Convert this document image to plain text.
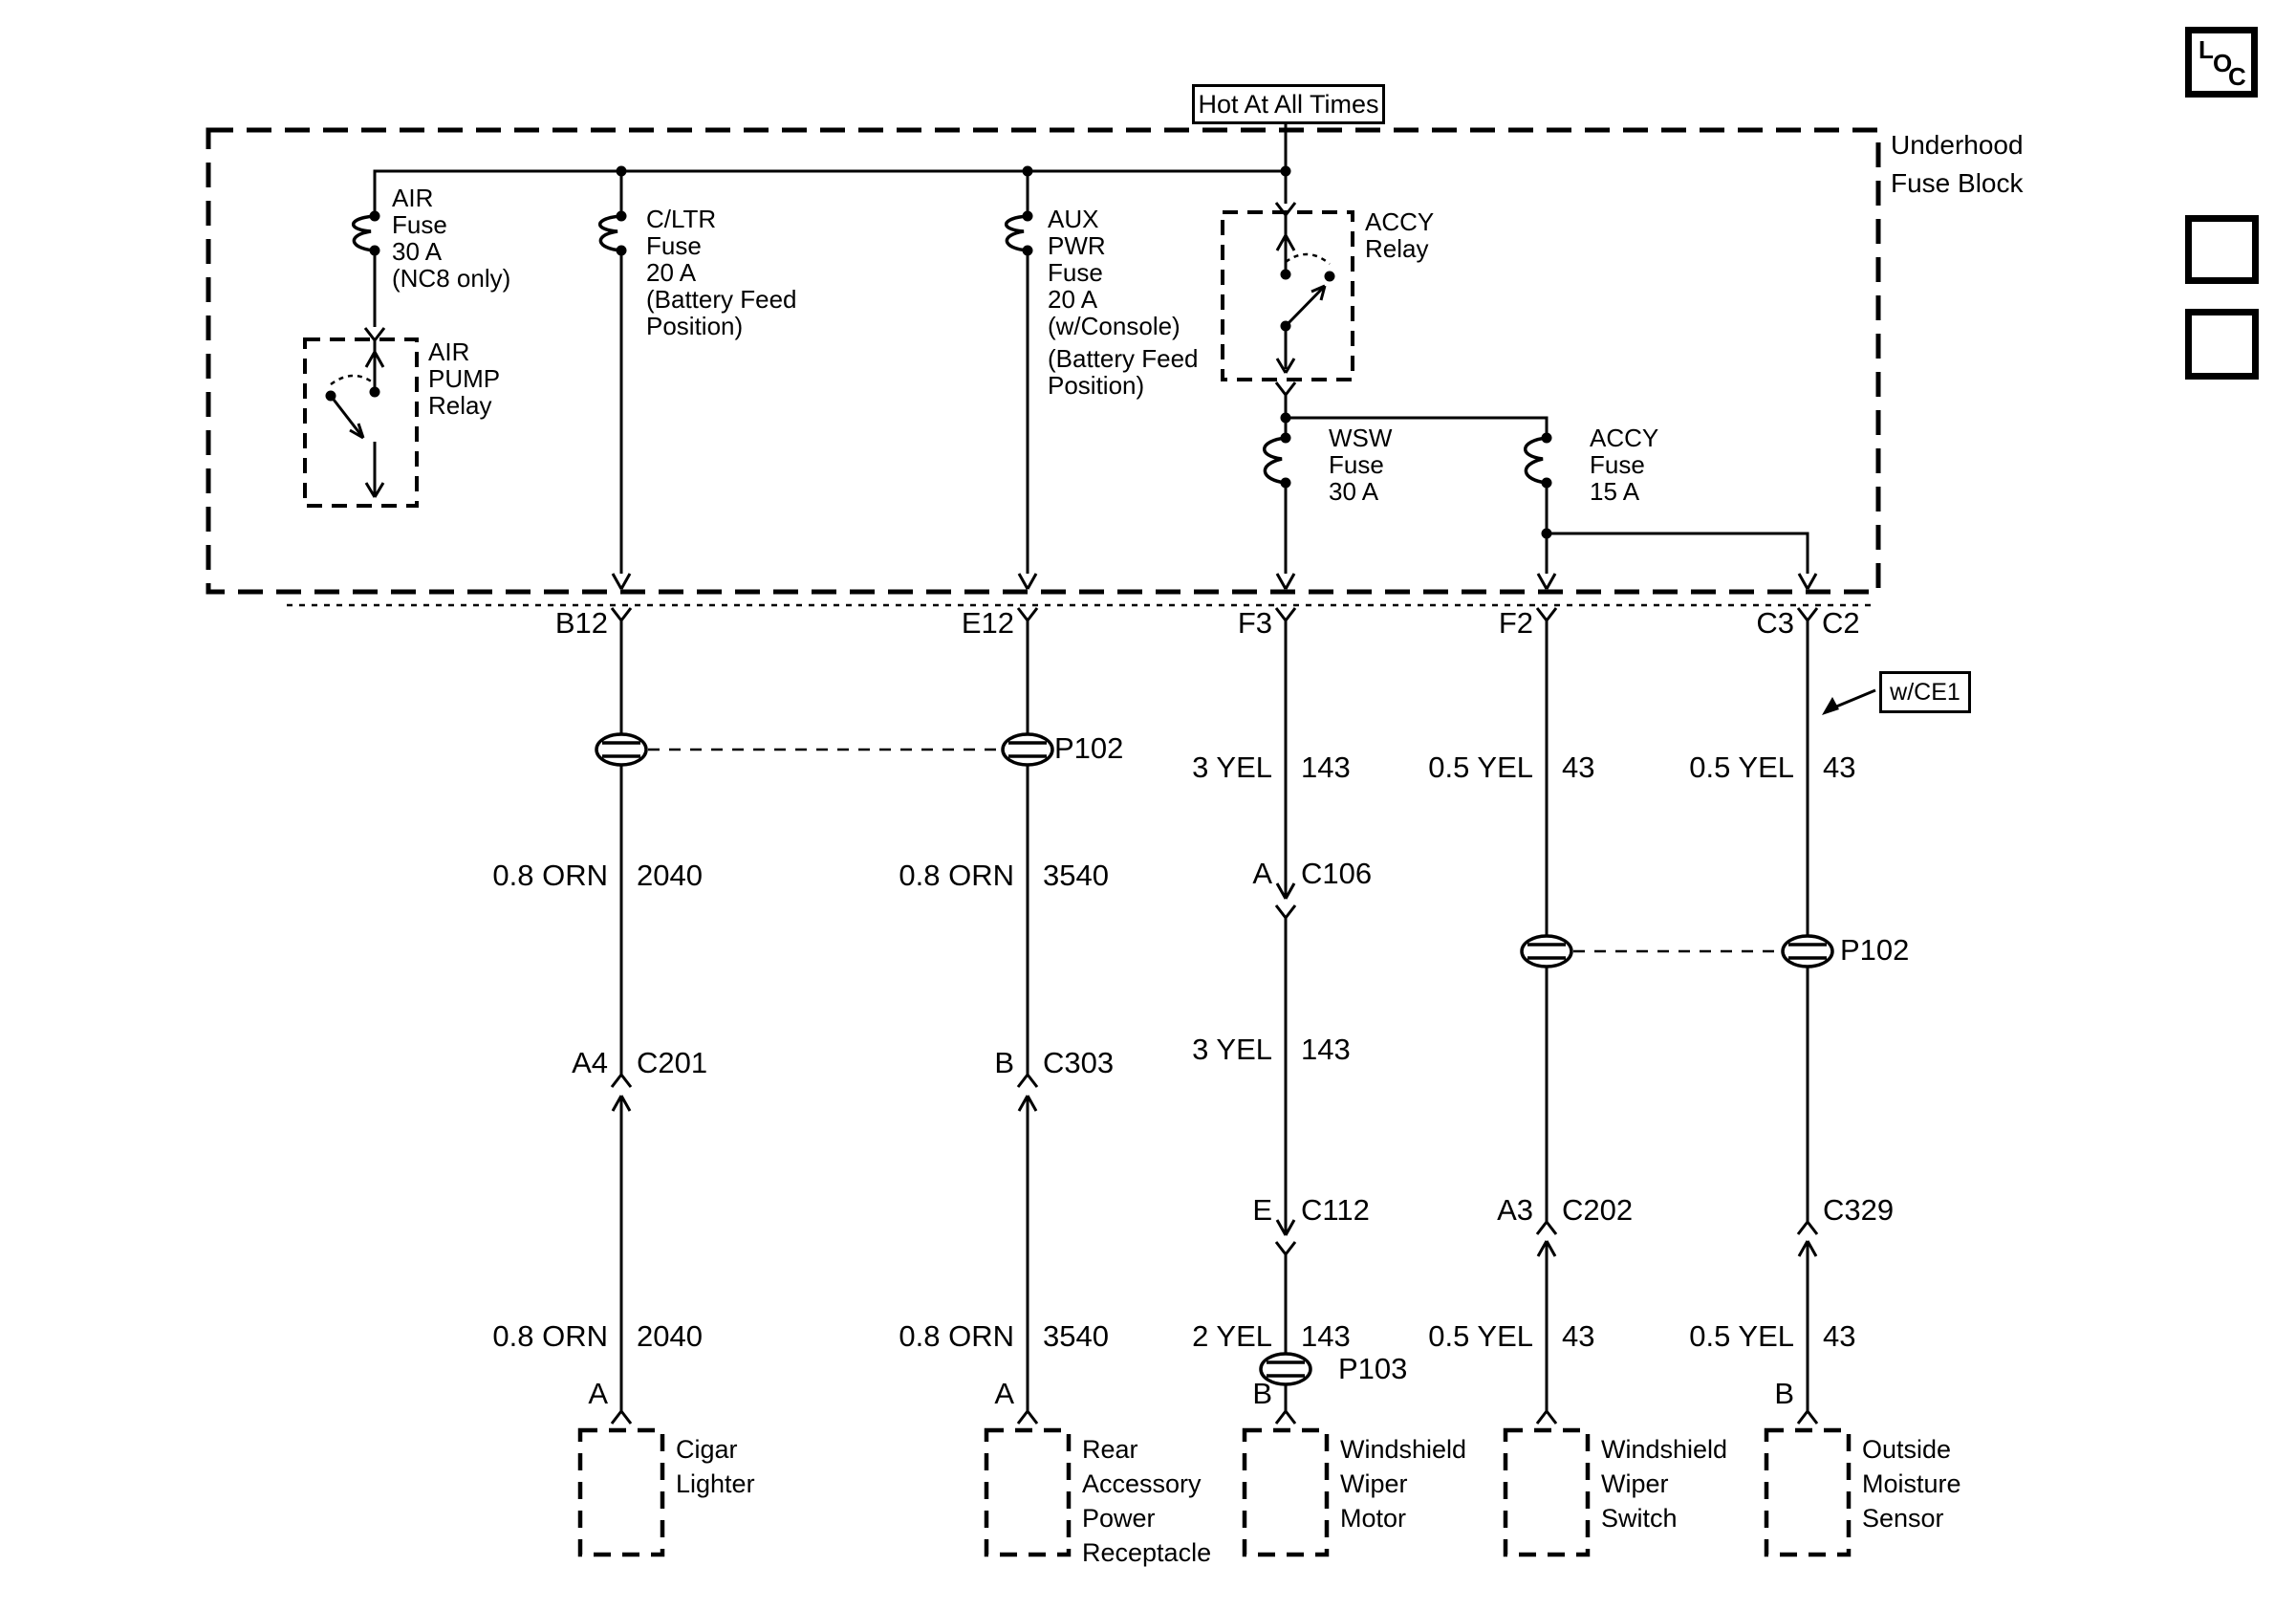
Hot At All Times
Underhood
Fuse Block
AIR
Fuse
30 A
(NC8 only)
C/LTR
Fuse
20 A
(Battery Feed
Position)
AUX
PWR
Fuse
20 A
(w/Console)
(Battery Feed
Position)
AIR
PUMP
Relay
ACCY
Relay
WSW
Fuse
30 A
ACCY
Fuse
15 A
B12	E12	F3	F2	C3 C2
w/CE1
P102
P102
P103
3 YEL 143	0.5 YEL 43	0.5 YEL 43
0.8 ORN 2040	0.8 ORN 3540	A C106
3 YEL 143
A4 C201	B C303
E C112	A3 C202	C329
0.8 ORN 2040	0.8 ORN 3540	2 YEL 143	0.5 YEL 43	0.5 YEL 43
A	A	B	B
Cigar
Lighter
Rear
Accessory
Power
Receptacle
Windshield
Wiper
Motor
Windshield
Wiper
Switch
Outside
Moisture
Sensor
L O
C
